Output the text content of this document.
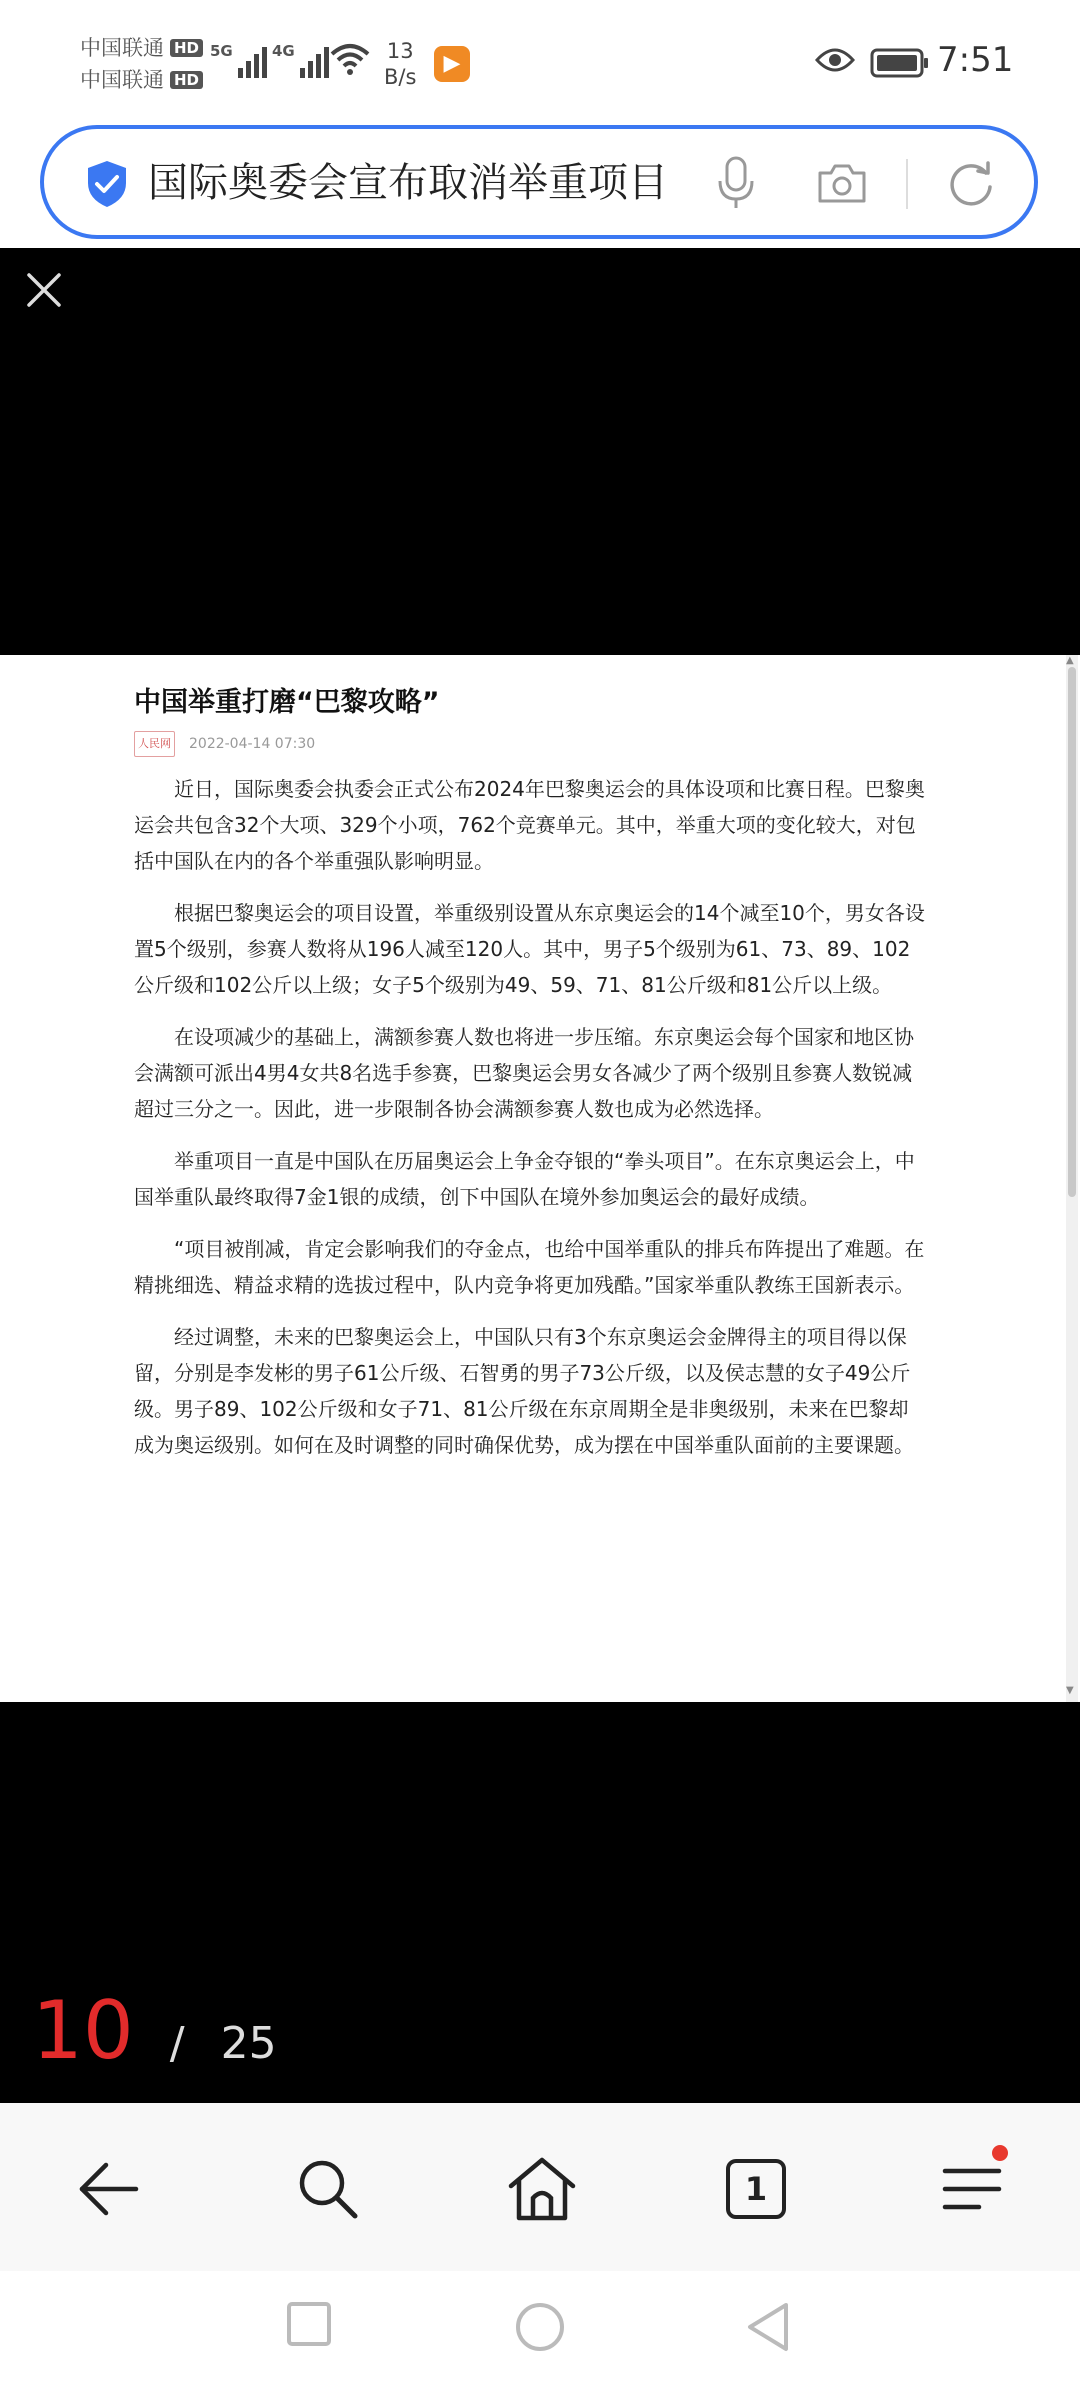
中国联通 HD
中国联通 HD
5G	4G	13
B/s
▶	7:51
国际奥委会宣布取消举重项目
中国举重打磨“巴黎攻略”
人民网 2022-04-14 07:30

近日，国际奥委会执委会正式公布2024年巴黎奥运会的具体设项和比赛日程。巴黎奥运会共包含32个大项、329个小项，762个竞赛单元。其中，举重大项的变化较大，对包括中国队在内的各个举重强队影响明显。

根据巴黎奥运会的项目设置，举重级别设置从东京奥运会的14个减至10个，男女各设置5个级别，参赛人数将从196人减至120人。其中，男子5个级别为61、73、89、102公斤级和102公斤以上级；女子5个级别为49、59、71、81公斤级和81公斤以上级。

在设项减少的基础上，满额参赛人数也将进一步压缩。东京奥运会每个国家和地区协会满额可派出4男4女共8名选手参赛，巴黎奥运会男女各减少了两个级别且参赛人数锐减超过三分之一。因此，进一步限制各协会满额参赛人数也成为必然选择。

举重项目一直是中国队在历届奥运会上争金夺银的“拳头项目”。在东京奥运会上，中国举重队最终取得7金1银的成绩，创下中国队在境外参加奥运会的最好成绩。

“项目被削减，肯定会影响我们的夺金点，也给中国举重队的排兵布阵提出了难题。在精挑细选、精益求精的选拔过程中，队内竞争将更加残酷。”国家举重队教练王国新表示。

经过调整，未来的巴黎奥运会上，中国队只有3个东京奥运会金牌得主的项目得以保留，分别是李发彬的男子61公斤级、石智勇的男子73公斤级，以及侯志慧的女子49公斤级。男子89、102公斤级和女子71、81公斤级在东京周期全是非奥级别，未来在巴黎却成为奥运级别。如何在及时调整的同时确保优势，成为摆在中国举重队面前的主要课题。

▲
▼
10 / 25
1
